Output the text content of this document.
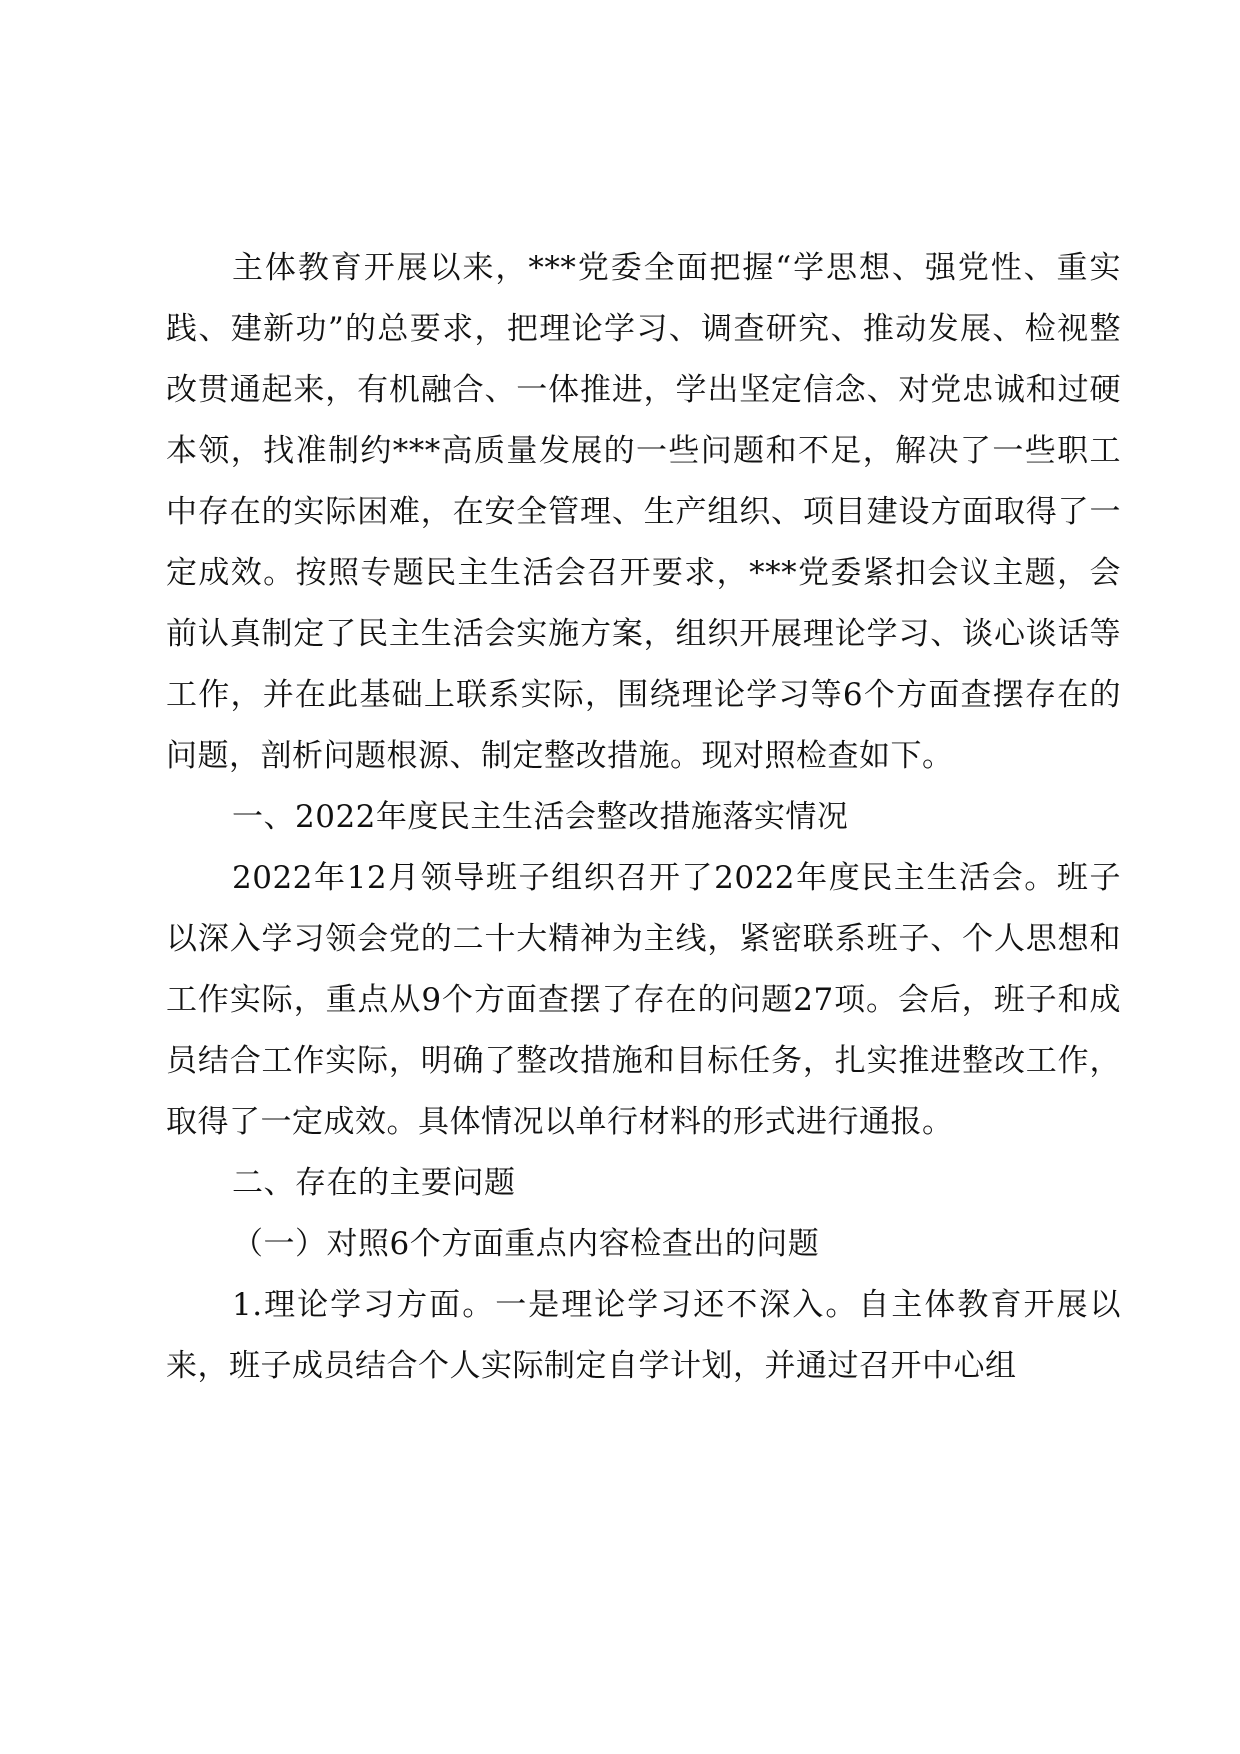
主体教育开展以来，***党委全面把握“学思想、强党性、重实践、建新功”的总要求，把理论学习、调查研究、推动发展、检视整改贯通起来，有机融合、一体推进，学出坚定信念、对党忠诚和过硬本领，找准制约***高质量发展的一些问题和不足，解决了一些职工中存在的实际困难，在安全管理、生产组织、项目建设方面取得了一定成效。按照专题民主生活会召开要求，***党委紧扣会议主题，会前认真制定了民主生活会实施方案，组织开展理论学习、谈心谈话等工作，并在此基础上联系实际，围绕理论学习等6个方面查摆存在的问题，剖析问题根源、制定整改措施。现对照检查如下。

一、2022年度民主生活会整改措施落实情况

2022年12月领导班子组织召开了2022年度民主生活会。班子以深入学习领会党的二十大精神为主线，紧密联系班子、个人思想和工作实际，重点从9个方面查摆了存在的问题27项。会后，班子和成员结合工作实际，明确了整改措施和目标任务，扎实推进整改工作，取得了一定成效。具体情况以单行材料的形式进行通报。

二、存在的主要问题

（一）对照6个方面重点内容检查出的问题

1.理论学习方面。一是理论学习还不深入。自主体教育开展以来，班子成员结合个人实际制定自学计划，并通过召开中心组
